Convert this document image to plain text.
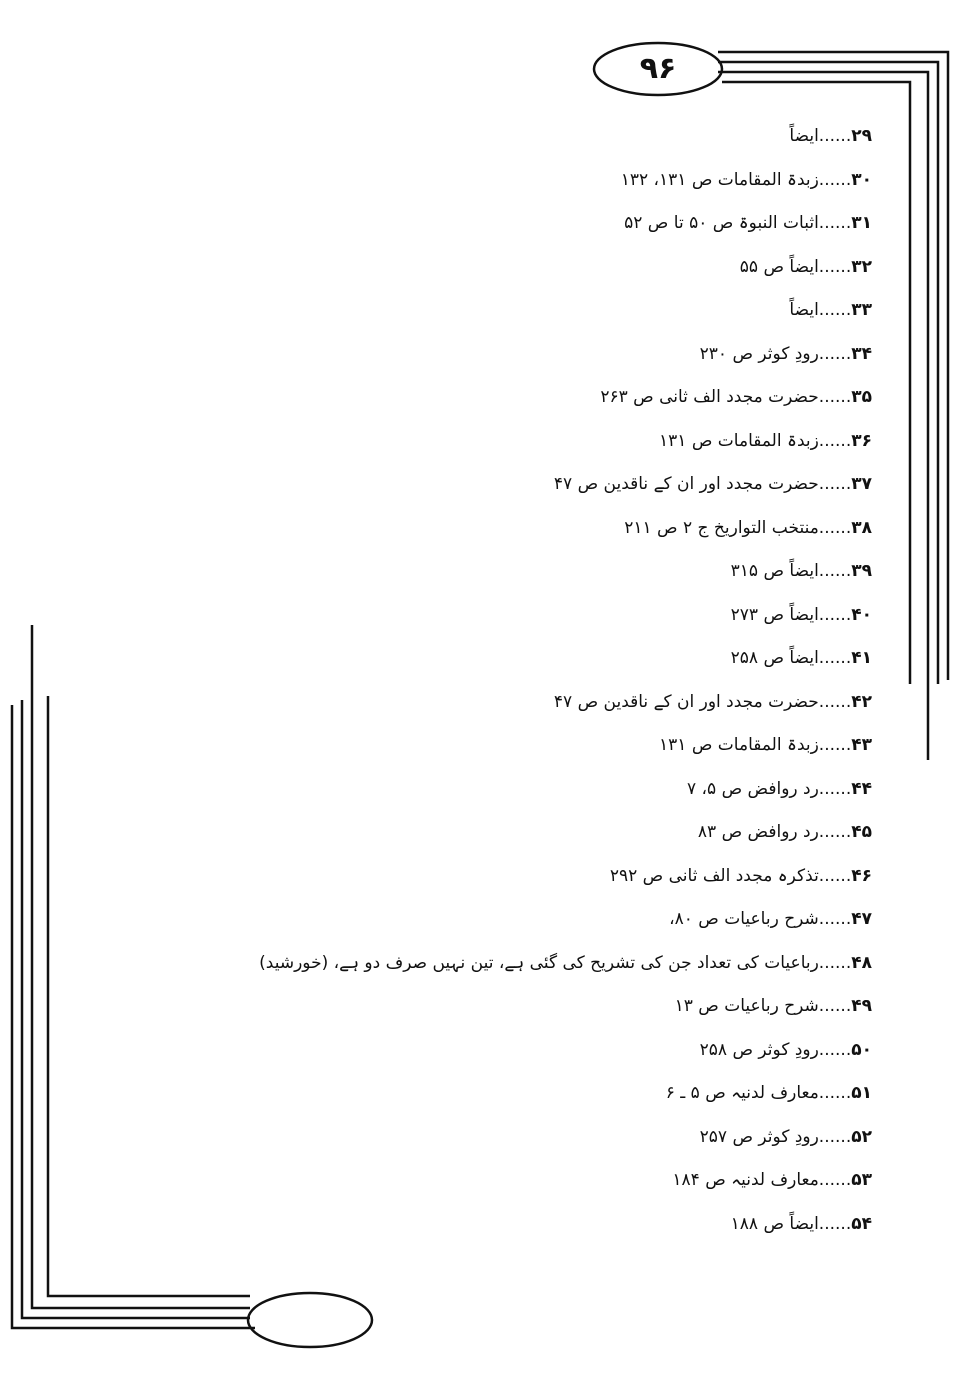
۹۶
۲۹......ایضاً
۳۰......زبدۃ المقامات ص ۱۳۱، ۱۳۲
۳۱......اثبات النبوۃ ص ۵۰ تا ص ۵۲
۳۲......ایضاً ص ۵۵
۳۳......ایضاً
۳۴......رودِ کوثر ص ۲۳۰
۳۵......حضرت مجدد الف ثانی ص ۲۶۳
۳۶......زبدۃ المقامات ص ۱۳۱
۳۷......حضرت مجدد اور ان کے ناقدین ص ۴۷
۳۸......منتخب التواریخ ج ۲ ص ۲۱۱
۳۹......ایضاً ص ۳۱۵
۴۰......ایضاً ص ۲۷۳
۴۱......ایضاً ص ۲۵۸
۴۲......حضرت مجدد اور ان کے ناقدین ص ۴۷
۴۳......زبدۃ المقامات ص ۱۳۱
۴۴......رد روافض ص ۵، ۷
۴۵......رد روافض ص ۸۳
۴۶......تذکرہ مجدد الف ثانی ص ۲۹۲
۴۷......شرح رباعیات ص ۸۰،
۴۸......رباعیات کی تعداد جن کی تشریح کی گئی ہے، تین نہیں صرف دو ہے، (خورشید)
۴۹......شرح رباعیات ص ۱۳
۵۰......رودِ کوثر ص ۲۵۸
۵۱......معارف لدنیہ ص ۵ ـ ۶
۵۲......رودِ کوثر ص ۲۵۷
۵۳......معارف لدنیہ ص ۱۸۴
۵۴......ایضاً ص ۱۸۸
